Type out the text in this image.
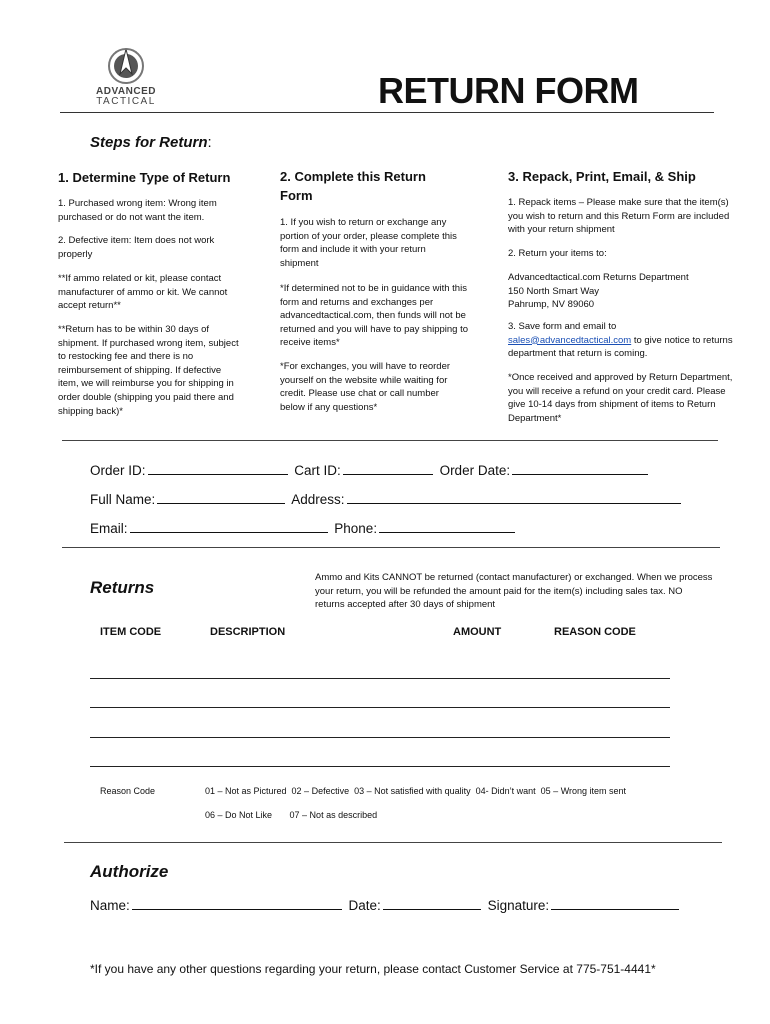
ADVANCED
TACTICAL	RETURN FORM
Steps for Return:
1. Determine Type of Return
1. Purchased wrong item: Wrong item purchased or do not want the item.
2. Defective item: Item does not work properly
**If ammo related or kit, please contact manufacturer of ammo or kit. We cannot accept return**
**Return has to be within 30 days of shipment. If purchased wrong item, subject to restocking fee and there is no reimbursement of shipping. If defective item, we will reimburse you for shipping in order double (shipping you paid there and shipping back)*
2. Complete this Return Form
1. If you wish to return or exchange any portion of your order, please complete this form and include it with your return shipment
*If determined not to be in guidance with this form and returns and exchanges per advancedtactical.com, then funds will not be returned and you will have to pay shipping to receive items*
*For exchanges, you will have to reorder yourself on the website while waiting for credit. Please use chat or call number below if any questions*
3. Repack, Print, Email, & Ship
1. Repack items – Please make sure that the item(s) you wish to return and this Return Form are included with your return shipment
2. Return your items to:
Advancedtactical.com Returns Department
150 North Smart Way
Pahrump, NV 89060
3. Save form and email to sales@advancedtactical.com to give notice to returns department that return is coming.
*Once received and approved by Return Department, you will receive a refund on your credit card. Please give 10-14 days from shipment of items to Return Department*
Order ID:	Cart ID:	Order Date:
Full Name:	Address:
Email:	Phone:
Returns
Ammo and Kits CANNOT be returned (contact manufacturer) or exchanged. When we process your return, you will be refunded the amount paid for the item(s) including sales tax. NO returns accepted after 30 days of shipment
ITEM CODE	DESCRIPTION	AMOUNT	REASON CODE
Reason Code	01 – Not as Pictured  02 – Defective  03 – Not satisfied with quality  04- Didn’t want  05 – Wrong item sent
06 – Do Not Like       07 – Not as described
Authorize
Name:	Date:	Signature:
*If you have any other questions regarding your return, please contact Customer Service at 775-751-4441*
